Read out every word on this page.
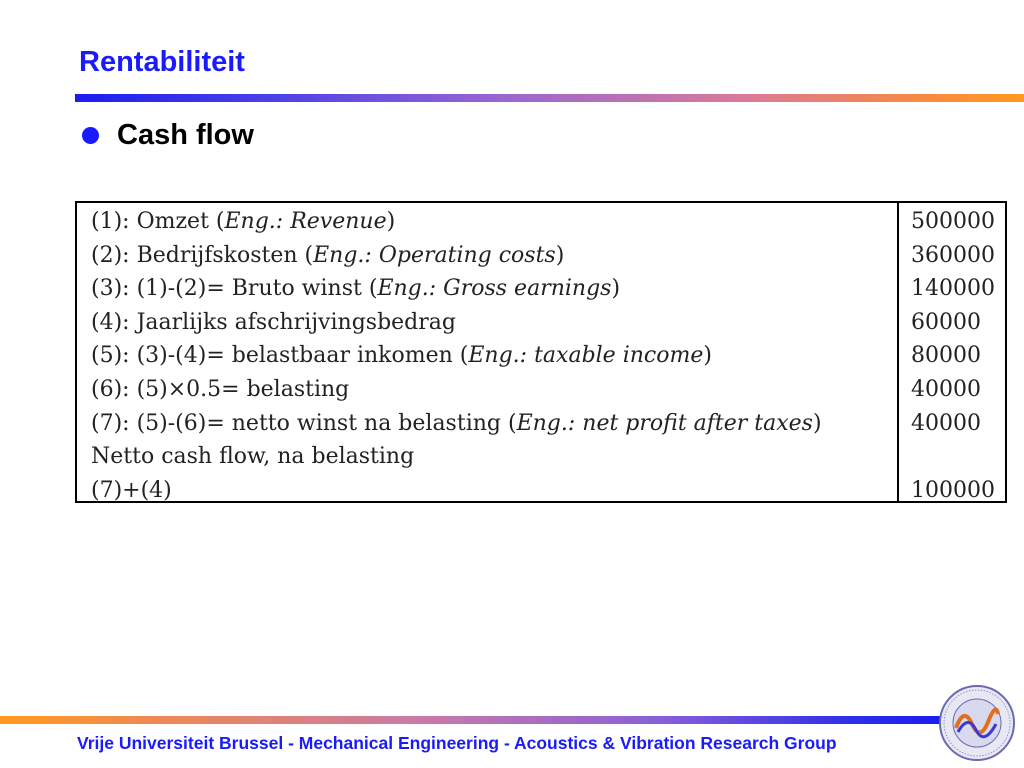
Rentabiliteit
Cash flow
(1): Omzet (Eng.: Revenue)
(2): Bedrijfskosten (Eng.: Operating costs)
(3): (1)-(2)= Bruto winst (Eng.: Gross earnings)
(4): Jaarlijks afschrijvingsbedrag
(5): (3)-(4)= belastbaar inkomen (Eng.: taxable income)
(6): (5)×0.5= belasting
(7): (5)-(6)= netto winst na belasting (Eng.: net profit after taxes)
Netto cash flow, na belasting
(7)+(4)
500000
360000
140000
60000
80000
40000
40000
100000
Vrije Universiteit Brussel - Mechanical Engineering - Acoustics & Vibration Research Group
